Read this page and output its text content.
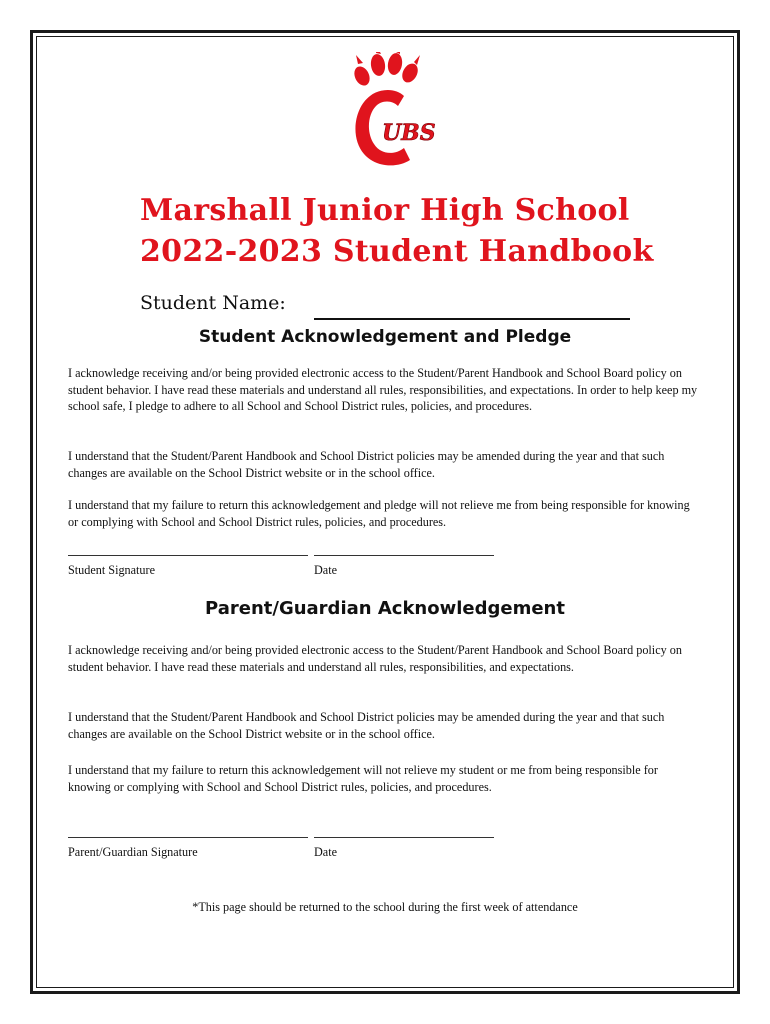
UBS
Marshall Junior High School
2022-2023 Student Handbook
Student Name:
Student Acknowledgement and Pledge
I acknowledge receiving and/or being provided electronic access to the Student/Parent Handbook and School Board policy on student behavior. I have read these materials and understand all rules, responsibilities, and expectations. In order to help keep my school safe, I pledge to adhere to all School and School District rules, policies, and procedures.
I understand that the Student/Parent Handbook and School District policies may be amended during the year and that such changes are available on the School District website or in the school office.
I understand that my failure to return this acknowledgement and pledge will not relieve me from being responsible for knowing or complying with School and School District rules, policies, and procedures.
Student Signature	Date
Parent/Guardian Acknowledgement
I acknowledge receiving and/or being provided electronic access to the Student/Parent Handbook and School Board policy on student behavior. I have read these materials and understand all rules, responsibilities, and expectations.
I understand that the Student/Parent Handbook and School District policies may be amended during the year and that such changes are available on the School District website or in the school office.
I understand that my failure to return this acknowledgement will not relieve my student or me from being responsible for knowing or complying with School and School District rules, policies, and procedures.
Parent/Guardian Signature	Date
*This page should be returned to the school during the first week of attendance
